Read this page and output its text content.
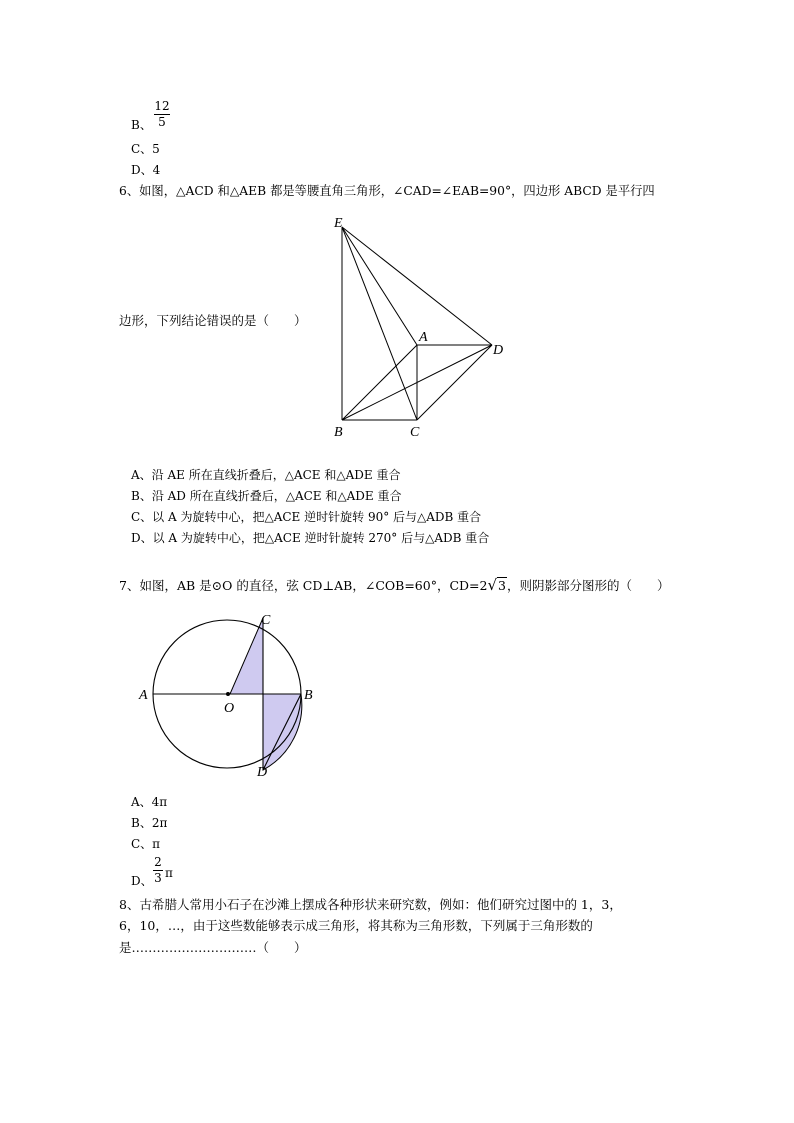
B、
12
5
C、5
D、4
6、如图，△ACD 和△AEB 都是等腰直角三角形，∠CAD=∠EAB=90°，四边形 ABCD 是平行四
边形，下列结论错误的是（　　）
E
A
D
B	C
A、沿 AE 所在直线折叠后，△ACE 和△ADE 重合
B、沿 AD 所在直线折叠后，△ACE 和△ADE 重合
C、以 A 为旋转中心，把△ACE 逆时针旋转 90° 后与△ADB 重合
D、以 A 为旋转中心，把△ACE 逆时针旋转 270° 后与△ADB 重合
7、如图，AB 是⊙O 的直径，弦 CD⊥AB，∠COB=60°，CD=2√3，则阴影部分图形的（　　）
A	B
C
D
O
A、4π
B、2π
C、π
D、
2
3 π
8、古希腊人常用小石子在沙滩上摆成各种形状来研究数，例如：他们研究过图中的 1，3，
6，10，…，由于这些数能够表示成三角形，将其称为三角形数，下列属于三角形数的
是…………………………（　　）
